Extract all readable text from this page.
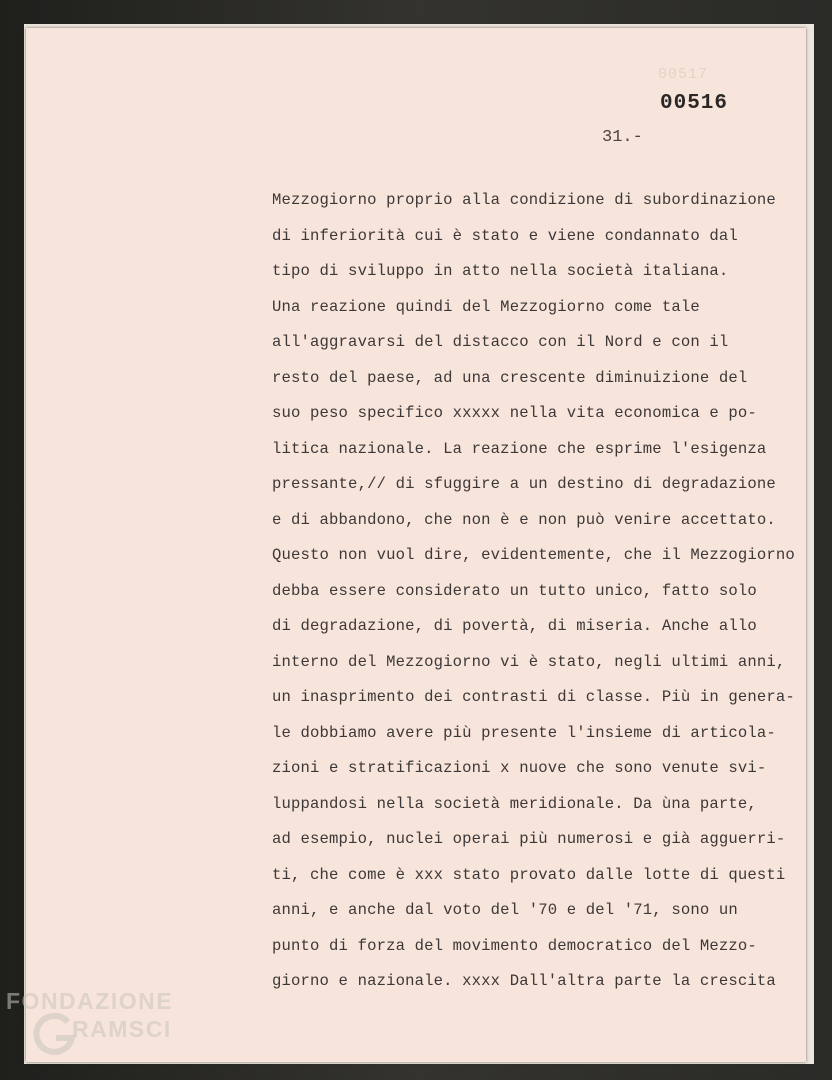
00517
00516
31.-
Mezzogiorno proprio alla condizione di subordinazione
di inferiorità cui è stato e viene condannato dal
tipo di sviluppo in atto nella società italiana.
Una reazione quindi del Mezzogiorno come tale
all'aggravarsi del distacco con il Nord e con il
resto del paese, ad una crescente diminuizione del
suo peso specifico xxxxx nella vita economica e po-
litica nazionale. La reazione che esprime l'esigenza
pressante,// di sfuggire a un destino di degradazione
e di abbandono, che non è e non può venire accettato.
Questo non vuol dire, evidentemente, che il Mezzogiorno
debba essere considerato un tutto unico, fatto solo
di degradazione, di povertà, di miseria. Anche allo
interno del Mezzogiorno vi è stato, negli ultimi anni,
un inasprimento dei contrasti di classe. Più in genera-
le dobbiamo avere più presente l'insieme di articola-
zioni e stratificazioni x nuove che sono venute svi-
luppandosi nella società meridionale. Da ùna parte,
ad esempio, nuclei operai più numerosi e già agguerri-
ti, che come è xxx stato provato dalle lotte di questi
anni, e anche dal voto del '70 e del '71, sono un
punto di forza del movimento democratico del Mezzo-
giorno e nazionale. xxxx Dall'altra parte la crescita
FONDAZIONE
RAMSCI
